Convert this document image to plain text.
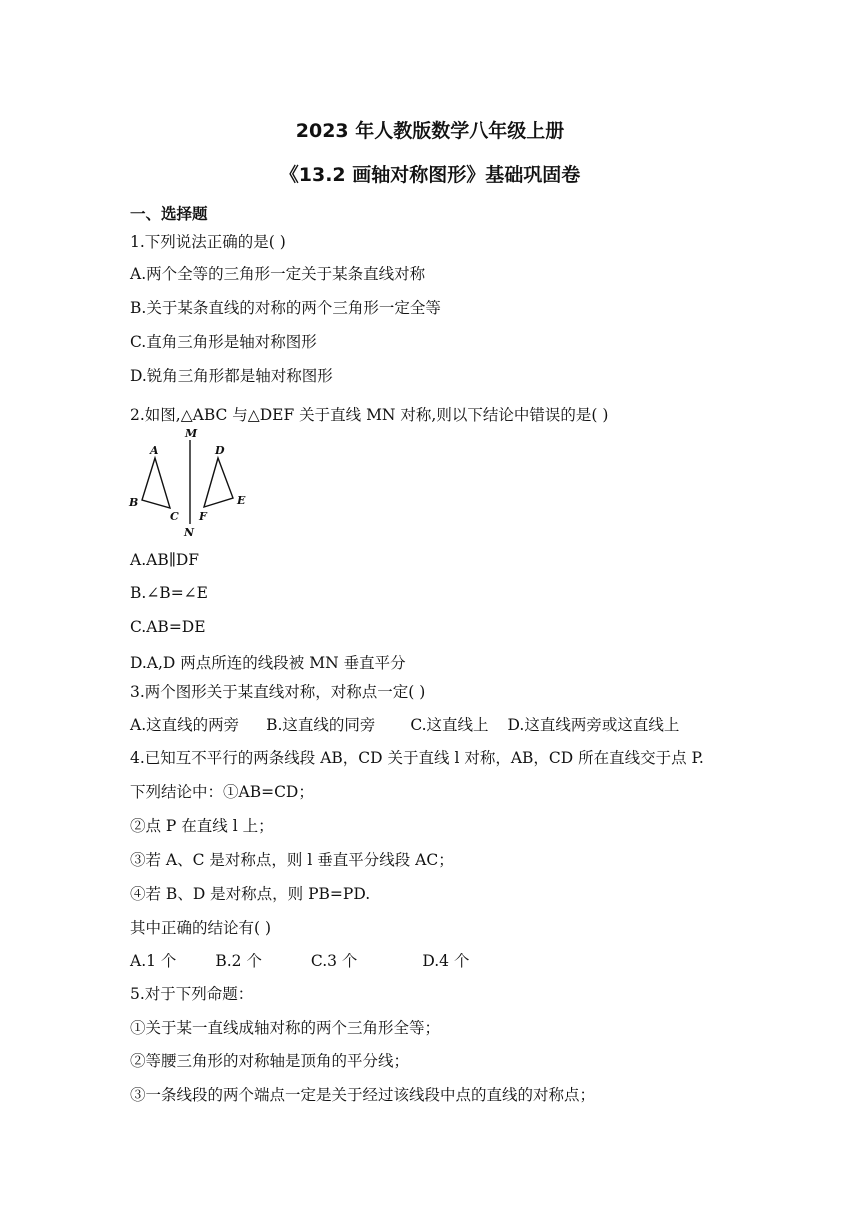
2023 年人教版数学八年级上册
《13.2 画轴对称图形》基础巩固卷
一、选择题
1.下列说法正确的是( )
A.两个全等的三角形一定关于某条直线对称
B.关于某条直线的对称的两个三角形一定全等
C.直角三角形是轴对称图形
D.锐角三角形都是轴对称图形
2.如图,△ABC 与△DEF 关于直线 MN 对称,则以下结论中错误的是( )
M
N
A
B
C
D
E
F
A.AB∥DF
B.∠B=∠E
C.AB=DE
D.A,D 两点所连的线段被 MN 垂直平分
3.两个图形关于某直线对称，对称点一定( )
A.这直线的两旁 B.这直线的同旁 C.这直线上 D.这直线两旁或这直线上
4.已知互不平行的两条线段 AB，CD 关于直线 l 对称，AB，CD 所在直线交于点 P.
下列结论中：①AB=CD；
②点 P 在直线 l 上；
③若 A、C 是对称点，则 l 垂直平分线段 AC；
④若 B、D 是对称点，则 PB=PD.
其中正确的结论有( )
A.1 个	B.2 个	C.3 个	D.4 个
5.对于下列命题：
①关于某一直线成轴对称的两个三角形全等；
②等腰三角形的对称轴是顶角的平分线；
③一条线段的两个端点一定是关于经过该线段中点的直线的对称点；
